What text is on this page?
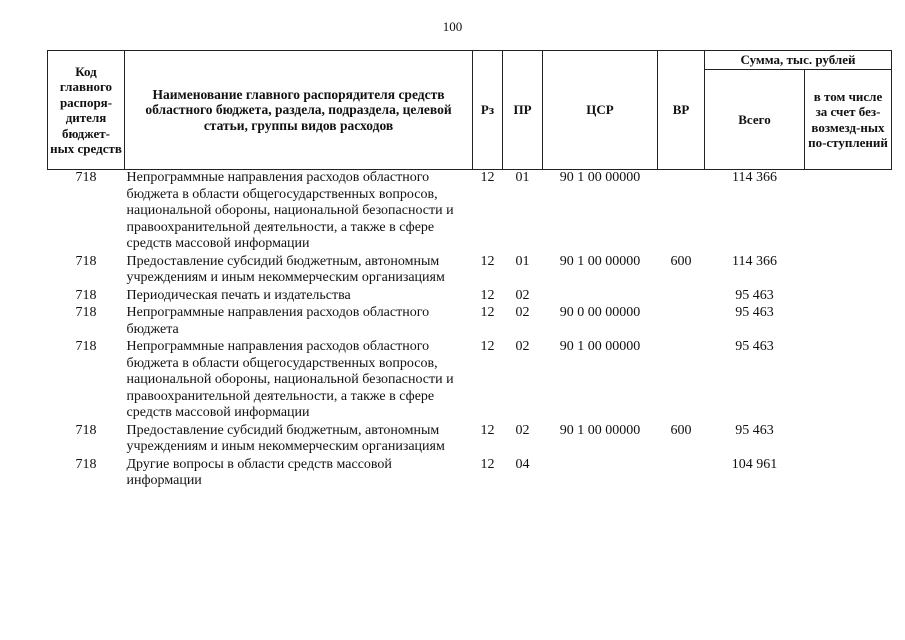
100
Код главного распоря-дителя бюджет-ных средств	Наименование главного распорядителя средств областного бюджета, раздела, подраздела, целевой статьи, группы видов расходов	Рз	ПР	ЦСР	ВР	Сумма, тыс. рублей	
						Всего	в том числе за счет без-возмезд-ных по-ступлений
718	Непрограммные направления расходов областного бюджета в области общегосударственных вопросов, национальной обороны, национальной безопасности и правоохранительной деятельности, а также в сфере средств массовой информации	12	01	90 1 00 00000		114 366	
718	Предоставление субсидий бюджетным, автономным учреждениям и иным некоммерческим организациям	12	01	90 1 00 00000	600	114 366	
718	Периодическая печать и издательства	12	02			95 463	
718	Непрограммные направления расходов областного бюджета	12	02	90 0 00 00000		95 463	
718	Непрограммные направления расходов областного бюджета в области общегосударственных вопросов, национальной обороны, национальной безопасности и правоохранительной деятельности, а также в сфере средств массовой информации	12	02	90 1 00 00000		95 463	
718	Предоставление субсидий бюджетным, автономным учреждениям и иным некоммерческим организациям	12	02	90 1 00 00000	600	95 463	
718	Другие вопросы в области средств массовой информации	12	04			104 961	
